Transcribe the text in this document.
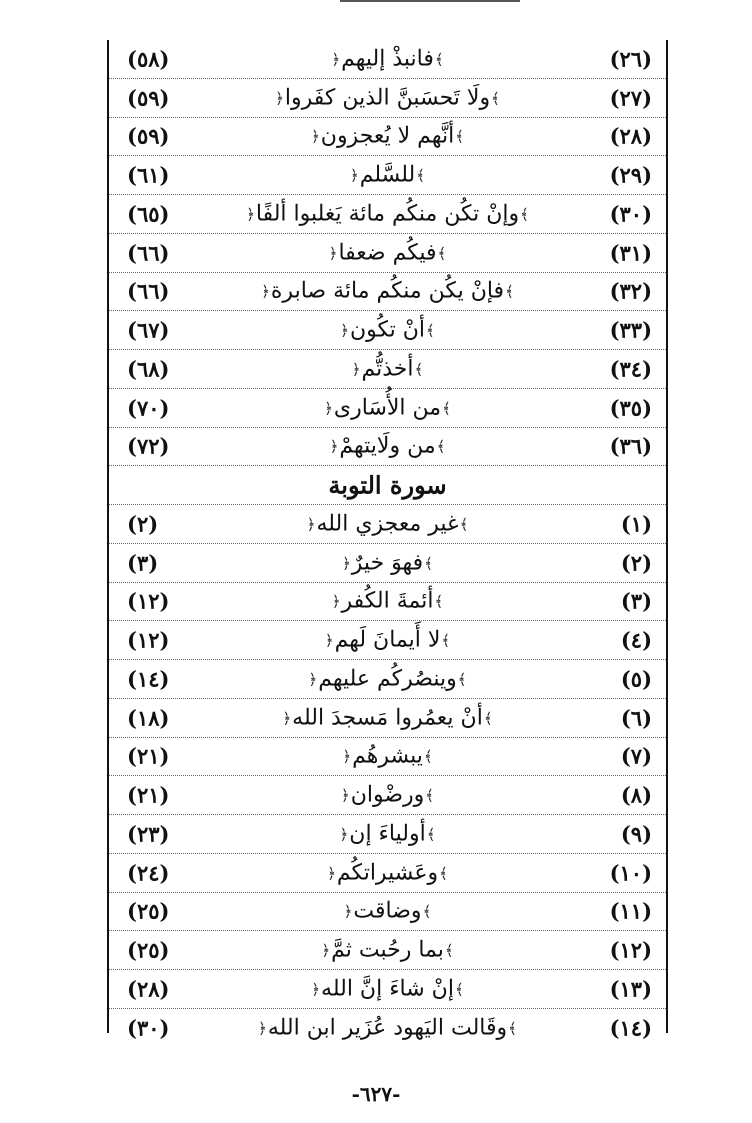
(٢٦)
﴾فانبذْ إليهم﴿
(٥٨)
(٢٧)
﴾ولَا تَحسَبنَّ الذين كفَروا﴿
(٥٩)
(٢٨)
﴾أنَّهم لا يُعجزون﴿
(٥٩)
(٢٩)
﴾للسَّلم﴿
(٦١)
(٣٠)
﴾وإنْ تكُن منكُم مائة يَغلبوا ألفًا﴿
(٦٥)
(٣١)
﴾فيكُم ضعفا﴿
(٦٦)
(٣٢)
﴾فإنْ يكُن منكُم مائة صابرة﴿
(٦٦)
(٣٣)
﴾أنْ تكُون﴿
(٦٧)
(٣٤)
﴾أخذتُّم﴿
(٦٨)
(٣٥)
﴾من الأُسَارى﴿
(٧٠)
(٣٦)
﴾من ولَايتهمْ﴿
(٧٢)
سورة التوبة
(١)
﴾غير معجزي الله﴿
(٢)
(٢)
﴾فهوَ خيرٌ﴿
(٣)
(٣)
﴾أئمةَ الكُفر﴿
(١٢)
(٤)
﴾لا أَيمانَ لَهم﴿
(١٢)
(٥)
﴾وينصُركُم عليهم﴿
(١٤)
(٦)
﴾أنْ يعمُروا مَسجدَ الله﴿
(١٨)
(٧)
﴾يبشرهُم﴿
(٢١)
(٨)
﴾ورضْوان﴿
(٢١)
(٩)
﴾أولياءَ إن﴿
(٢٣)
(١٠)
﴾وعَشيراتكُم﴿
(٢٤)
(١١)
﴾وضاقت﴿
(٢٥)
(١٢)
﴾بما رحُبت ثمَّ﴿
(٢٥)
(١٣)
﴾إنْ شاءَ إنَّ الله﴿
(٢٨)
(١٤)
﴾وقَالت اليَهود عُزَير ابن الله﴿
(٣٠)
-٦٢٧-
